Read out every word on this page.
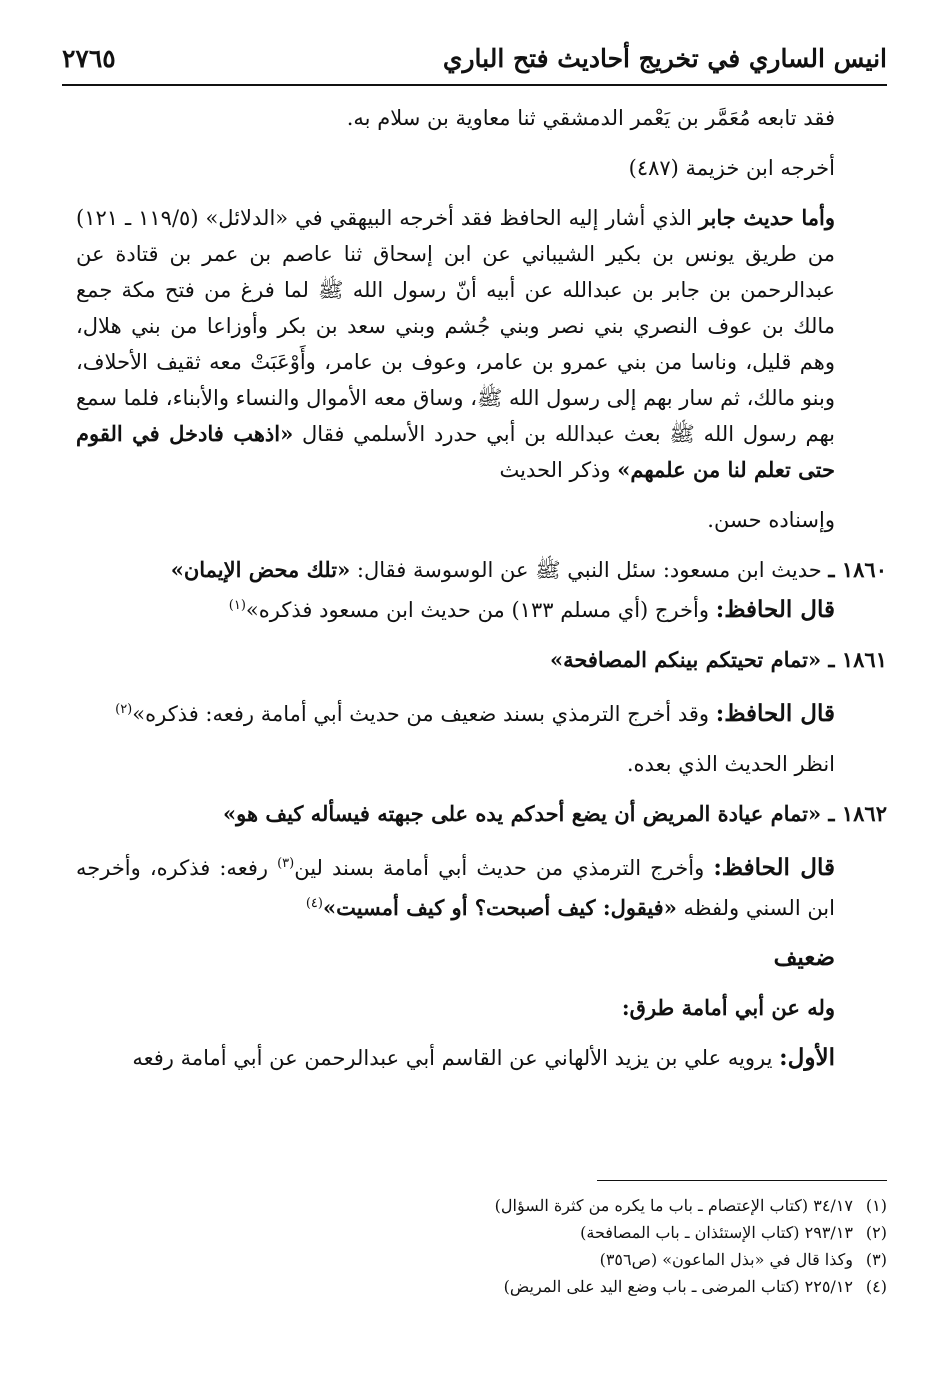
انيس الساري في تخريج أحاديث فتح الباري
٢٧٦٥

فقد تابعه مُعَمَّر بن يَعْمر الدمشقي ثنا معاوية بن سلام به.

أخرجه ابن خزيمة (٤٨٧)

وأما حديث جابر الذي أشار إليه الحافظ فقد أخرجه البيهقي في «الدلائل» (١١٩/٥ ـ ١٢١) من طريق يونس بن بكير الشيباني عن ابن إسحاق ثنا عاصم بن عمر بن قتادة عن عبدالرحمن بن جابر بن عبدالله عن أبيه أنّ رسول الله ﷺ لما فرغ من فتح مكة جمع مالك بن عوف النصري بني نصر وبني جُشم وبني سعد بن بكر وأوزاعا من بني هلال، وهم قليل، وناسا من بني عمرو بن عامر، وعوف بن عامر، وأَوْعَبَتْ معه ثقيف الأحلاف، وبنو مالك، ثم سار بهم إلى رسول الله ﷺ، وساق معه الأموال والنساء والأبناء، فلما سمع بهم رسول الله ﷺ بعث عبدالله بن أبي حدرد الأسلمي فقال «اذهب فادخل في القوم حتى تعلم لنا من علمهم» وذكر الحديث

وإسناده حسن.

١٨٦٠ ـ حديث ابن مسعود: سئل النبي ﷺ عن الوسوسة فقال: «تلك محض الإيمان»

قال الحافظ: وأخرج (أي مسلم ١٣٣) من حديث ابن مسعود فذكره»$^{(١)}$

١٨٦١ ـ «تمام تحيتكم بينكم المصافحة»

قال الحافظ: وقد أخرج الترمذي بسند ضعيف من حديث أبي أمامة رفعه: فذكره»$^{(٢)}$

انظر الحديث الذي بعده.

١٨٦٢ ـ «تمام عيادة المريض أن يضع أحدكم يده على جبهته فيسأله كيف هو»

قال الحافظ: وأخرج الترمذي من حديث أبي أمامة بسند لين$^{(٣)}$ رفعه: فذكره، وأخرجه ابن السني ولفظه «فيقول: كيف أصبحت؟ أو كيف أمسيت»$^{(٤)}$

ضعيف

وله عن أبي أمامة طرق:

الأول: يرويه علي بن يزيد الألهاني عن القاسم أبي عبدالرحمن عن أبي أمامة رفعه

(١)٣٤/١٧ (كتاب الإعتصام ـ باب ما يكره من كثرة السؤال)

(٢)٢٩٣/١٣ (كتاب الإستئذان ـ باب المصافحة)

(٣)وكذا قال في «بذل الماعون» (ص٣٥٦)

(٤)٢٢٥/١٢ (كتاب المرضى ـ باب وضع اليد على المريض)
